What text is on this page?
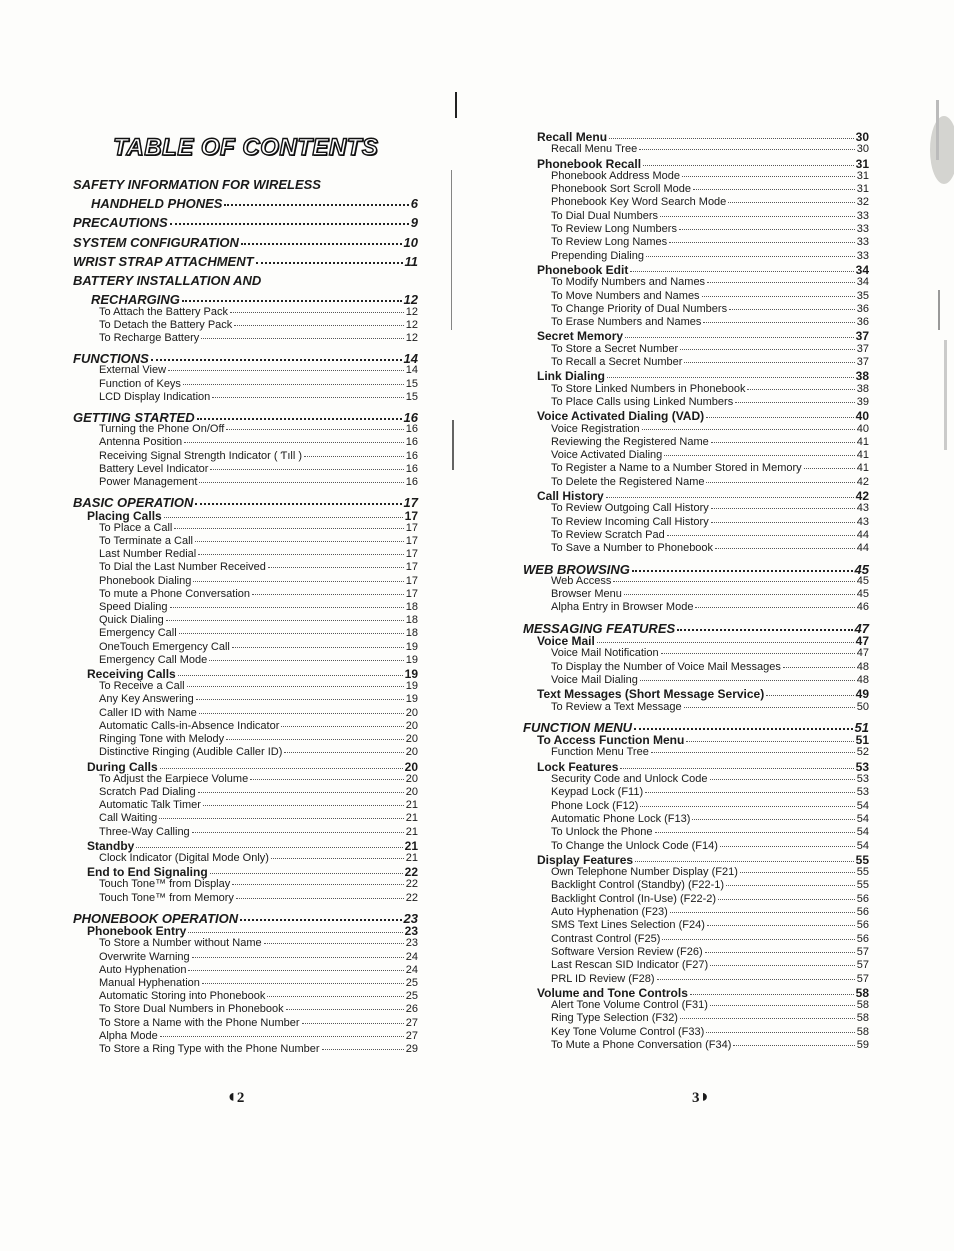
TABLE OF CONTENTS
SAFETY INFORMATION FOR WIRELESS
HANDHELD PHONES	6
PRECAUTIONS	9
SYSTEM CONFIGURATION	10
WRIST STRAP ATTACHMENT	11
BATTERY INSTALLATION AND
RECHARGING	12
To Attach the Battery Pack	12
To Detach the Battery Pack	12
To Recharge Battery	12
FUNCTIONS	14
External View	14
Function of Keys	15
LCD Display Indication	15
GETTING STARTED	16
Turning the Phone On/Off	16
Antenna Position	16
Receiving Signal Strength Indicator ( Ƭıll )	16
Battery Level Indicator	16
Power Management	16
BASIC OPERATION	17
Placing Calls	17
To Place a Call	17
To Terminate a Call	17
Last Number Redial	17
To Dial the Last Number Received	17
Phonebook Dialing	17
To mute a Phone Conversation	17
Speed Dialing	18
Quick Dialing	18
Emergency Call	18
OneTouch Emergency Call	19
Emergency Call Mode	19
Receiving Calls	19
To Receive a Call	19
Any Key Answering	19
Caller ID with Name	20
Automatic Calls-in-Absence Indicator	20
Ringing Tone with Melody	20
Distinctive Ringing (Audible Caller ID)	20
During Calls	20
To Adjust the Earpiece Volume	20
Scratch Pad Dialing	20
Automatic Talk Timer	21
Call Waiting	21
Three-Way Calling	21
Standby	21
Clock Indicator (Digital Mode Only)	21
End to End Signaling	22
Touch Tone™ from Display	22
Touch Tone™ from Memory	22
PHONEBOOK OPERATION	23
Phonebook Entry	23
To Store a Number without Name	23
Overwrite Warning	24
Auto Hyphenation	24
Manual Hyphenation	25
Automatic Storing into Phonebook	25
To Store Dual Numbers in Phonebook	26
To Store a Name with the Phone Number	27
Alpha Mode	27
To Store a Ring Type with the Phone Number	29
Recall Menu	30
Recall Menu Tree	30
Phonebook Recall	31
Phonebook Address Mode	31
Phonebook Sort Scroll Mode	31
Phonebook Key Word Search Mode	32
To Dial Dual Numbers	33
To Review Long Numbers	33
To Review Long Names	33
Prepending Dialing	33
Phonebook Edit	34
To Modify Numbers and Names	34
To Move Numbers and Names	35
To Change Priority of Dual Numbers	36
To Erase Numbers and Names	36
Secret Memory	37
To Store a Secret Number	37
To Recall a Secret Number	37
Link Dialing	38
To Store Linked Numbers in Phonebook	38
To Place Calls using Linked Numbers	39
Voice Activated Dialing (VAD)	40
Voice Registration	40
Reviewing the Registered Name	41
Voice Activated Dialing	41
To Register a Name to a Number Stored in Memory	41
To Delete the Registered Name	42
Call History	42
To Review Outgoing Call History	43
To Review Incoming Call History	43
To Review Scratch Pad	44
To Save a Number to Phonebook	44
WEB BROWSING	45
Web Access	45
Browser Menu	45
Alpha Entry in Browser Mode	46
MESSAGING FEATURES	47
Voice Mail	47
Voice Mail Notification	47
To Display the Number of Voice Mail Messages	48
Voice Mail Dialing	48
Text Messages (Short Message Service)	49
To Review a Text Message	50
FUNCTION MENU	51
To Access Function Menu	51
Function Menu Tree	52
Lock Features	53
Security Code and Unlock Code	53
Keypad Lock (F11)	53
Phone Lock (F12)	54
Automatic Phone Lock (F13)	54
To Unlock the Phone	54
To Change the Unlock Code (F14)	54
Display Features	55
Own Telephone Number Display (F21)	55
Backlight Control (Standby) (F22-1)	55
Backlight Control (In-Use) (F22-2)	56
Auto Hyphenation (F23)	56
SMS Text Lines Selection (F24)	56
Contrast Control (F25)	56
Software Version Review (F26)	57
Last Rescan SID Indicator (F27)	57
PRL ID Review (F28)	57
Volume and Tone Controls	58
Alert Tone Volume Control (F31)	58
Ring Type Selection (F32)	58
Key Tone Volume Control (F33)	58
To Mute a Phone Conversation (F34)	59
◖2	3◗
